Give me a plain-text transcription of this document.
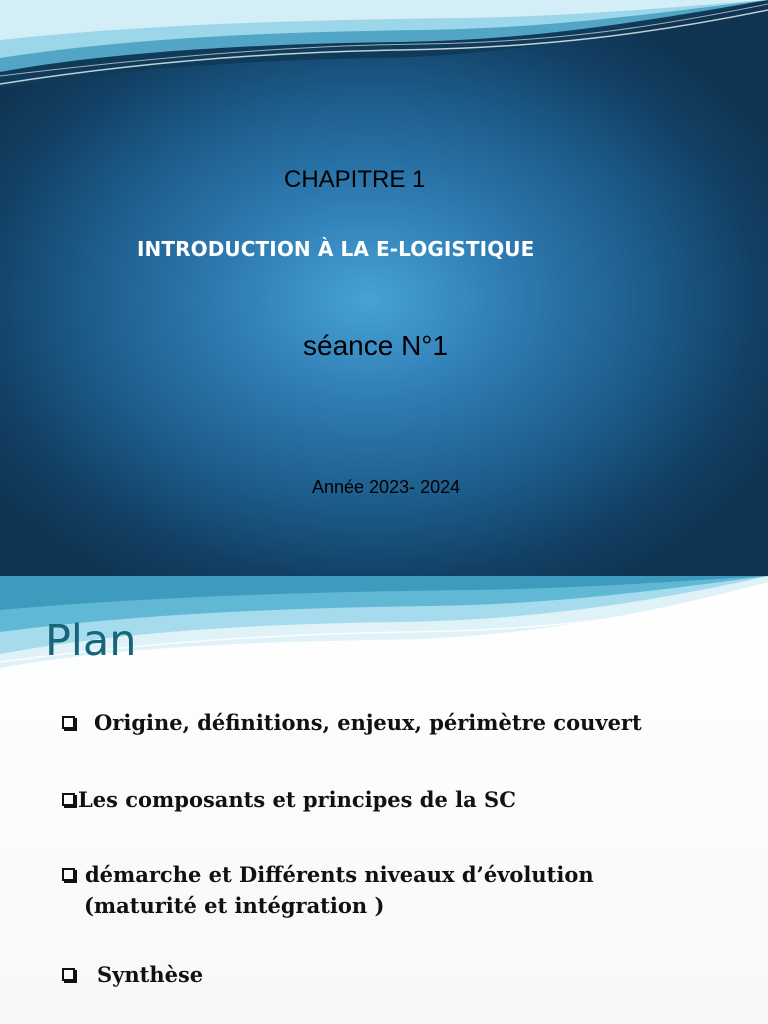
CHAPITRE 1
INTRODUCTION À LA E-LOGISTIQUE
séance N°1
Année 2023- 2024
Plan
Origine, définitions, enjeux, périmètre couvert
Les composants et principes de la SC
démarche et Différents niveaux d’évolution
(maturité et intégration )
Synthèse
